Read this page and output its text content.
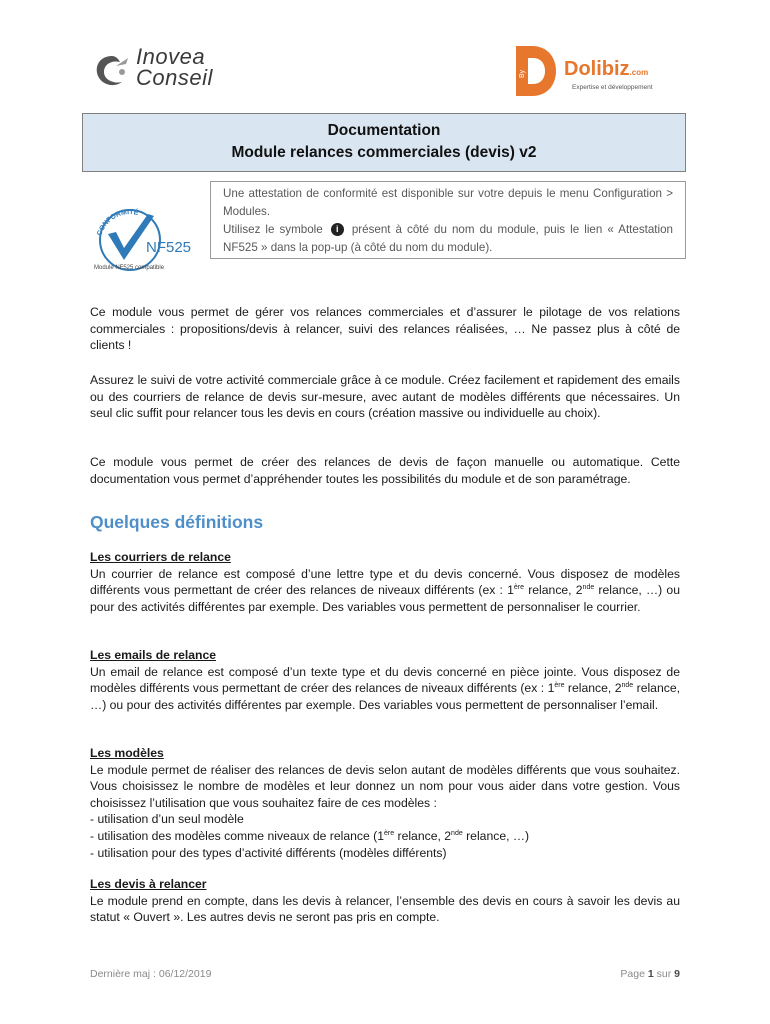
Inovea
Conseil	By Dolibiz.com
Expertise et développement
Documentation
Module relances commerciales (devis) v2
CONFORMITÉ
NF525
Module NF525 compatible

Une attestation de conformité est disponible sur votre depuis le menu Configuration > Modules.

Utilisez le symbole i présent à côté du nom du module, puis le lien « Attestation NF525 » dans la pop-up (à côté du nom du module).

Ce module vous permet de gérer vos relances commerciales et d’assurer le pilotage de vos relations commerciales : propositions/devis à relancer, suivi des relances réalisées, … Ne passez plus à côté de clients !

Assurez le suivi de votre activité commerciale grâce à ce module. Créez facilement et rapidement des emails ou des courriers de relance de devis sur-mesure, avec autant de modèles différents que nécessaires. Un seul clic suffit pour relancer tous les devis en cours (création massive ou individuelle au choix).

Ce module vous permet de créer des relances de devis de façon manuelle ou automatique. Cette documentation vous permet d’appréhender toutes les possibilités du module et de son paramétrage.

Quelques définitions
Les courriers de relance

Un courrier de relance est composé d’une lettre type et du devis concerné. Vous disposez de modèles différents vous permettant de créer des relances de niveaux différents (ex : 1ère relance, 2nde relance, …) ou pour des activités différentes par exemple. Des variables vous permettent de personnaliser le courrier.

Les emails de relance

Un email de relance est composé d’un texte type et du devis concerné en pièce jointe. Vous disposez de modèles différents vous permettant de créer des relances de niveaux différents (ex : 1ère relance, 2nde relance, …) ou pour des activités différentes par exemple. Des variables vous permettent de personnaliser l’email.

Les modèles

Le module permet de réaliser des relances de devis selon autant de modèles différents que vous souhaitez. Vous choisissez le nombre de modèles et leur donnez un nom pour vous aider dans votre gestion. Vous choisissez l’utilisation que vous souhaitez faire de ces modèles :

- utilisation d’un seul modèle

- utilisation des modèles comme niveaux de relance (1ère relance, 2nde relance, …)

- utilisation pour des types d’activité différents (modèles différents)

Les devis à relancer

Le module prend en compte, dans les devis à relancer, l’ensemble des devis en cours à savoir les devis au statut « Ouvert ». Les autres devis ne seront pas pris en compte.

Dernière maj : 06/12/2019	Page 1 sur 9
